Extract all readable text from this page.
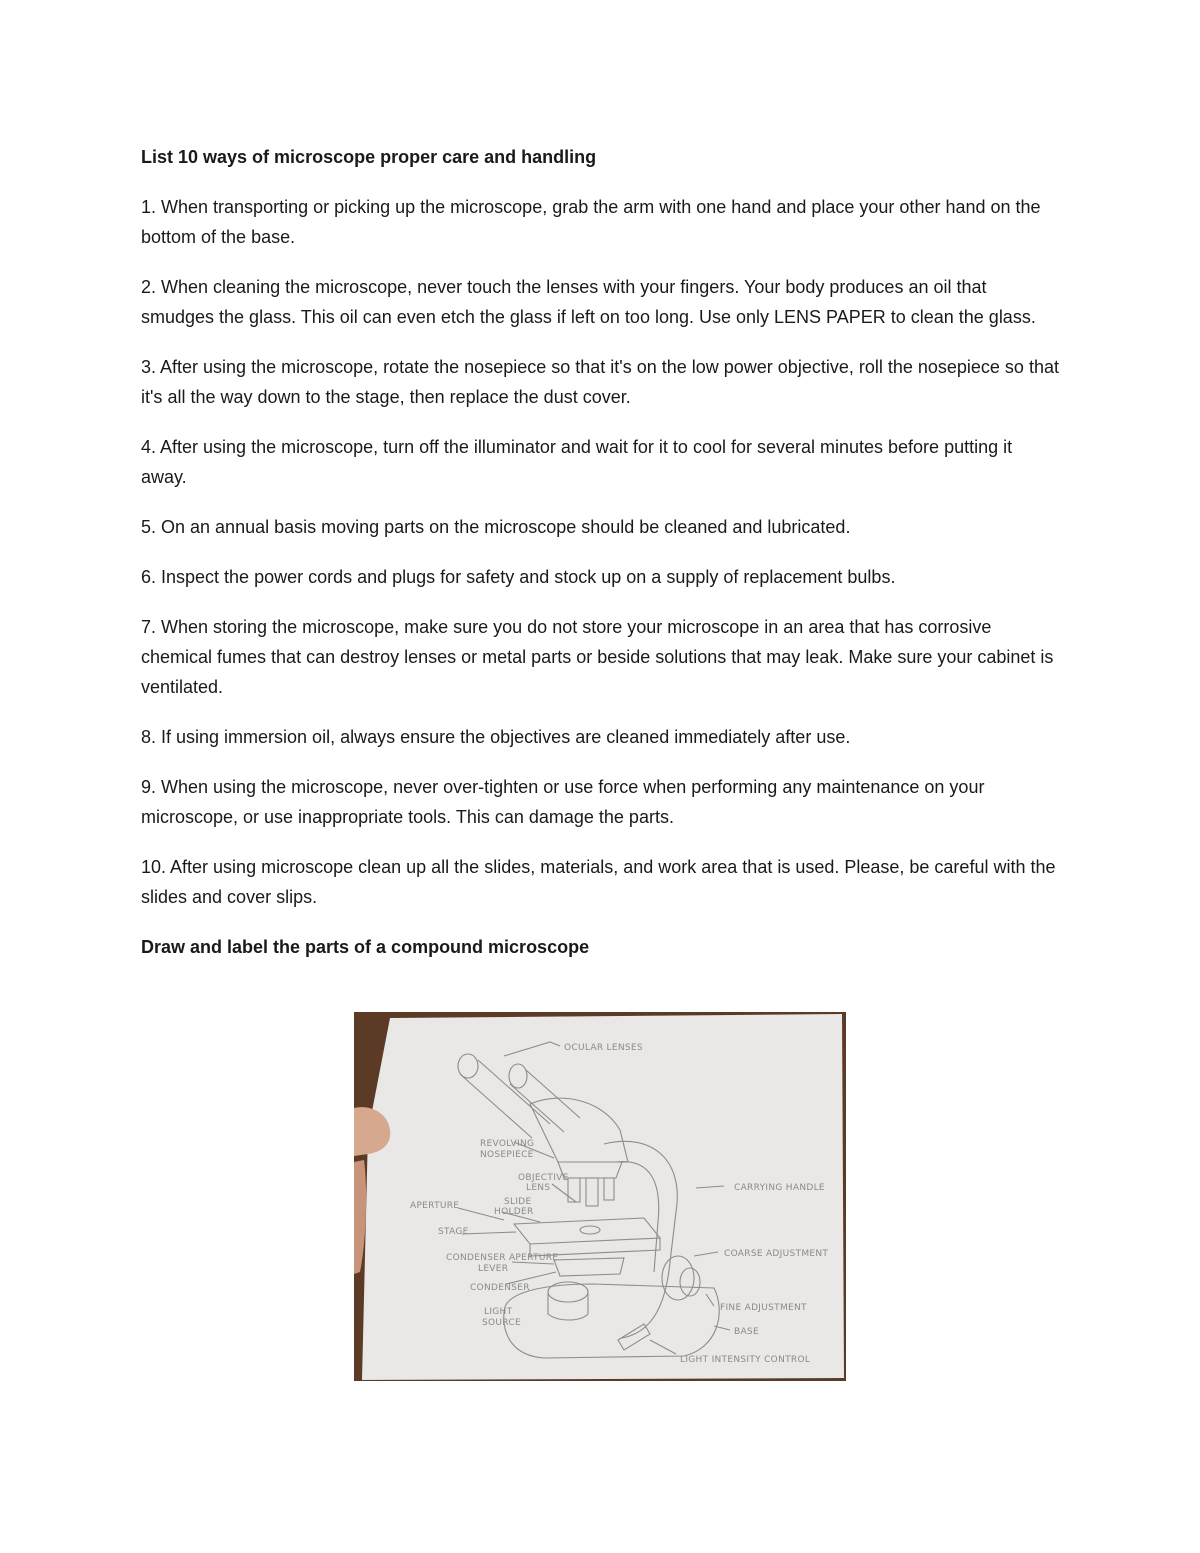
List 10 ways of microscope proper care and handling

1. When transporting or picking up the microscope, grab the arm with one hand and place your other hand on the bottom of the base.

2. When cleaning the microscope, never touch the lenses with your fingers. Your body produces an oil that smudges the glass. This oil can even etch the glass if left on too long. Use only LENS PAPER to clean the glass.

3. After using the microscope, rotate the nosepiece so that it's on the low power objective, roll the nosepiece so that it's all the way down to the stage, then replace the dust cover.

4. After using the microscope, turn off the illuminator and wait for it to cool for several minutes before putting it away.

5. On an annual basis moving parts on the microscope should be cleaned and lubricated.

6. Inspect the power cords and plugs for safety and stock up on a supply of replacement bulbs.

7. When storing the microscope, make sure you do not store your microscope in an area that has corrosive chemical fumes that can destroy lenses or metal parts or beside solutions that may leak. Make sure your cabinet is ventilated.

8. If using immersion oil, always ensure the objectives are cleaned immediately after use.

9. When using the microscope, never over-tighten or use force when performing any maintenance on your microscope, or use inappropriate tools. This can damage the parts.

10. After using microscope clean up all the slides, materials, and work area that is used. Please, be careful with the slides and cover slips.

Draw and label the parts of a compound microscope

OCULAR LENSES
REVOLVING
NOSEPIECE
OBJECTIVE
LENS
APERTURE	SLIDE
HOLDER
STAGE
CONDENSER APERTURE
LEVER
CONDENSER
LIGHT
SOURCE
CARRYING HANDLE
COARSE ADJUSTMENT
FINE ADJUSTMENT
BASE
LIGHT INTENSITY CONTROL
